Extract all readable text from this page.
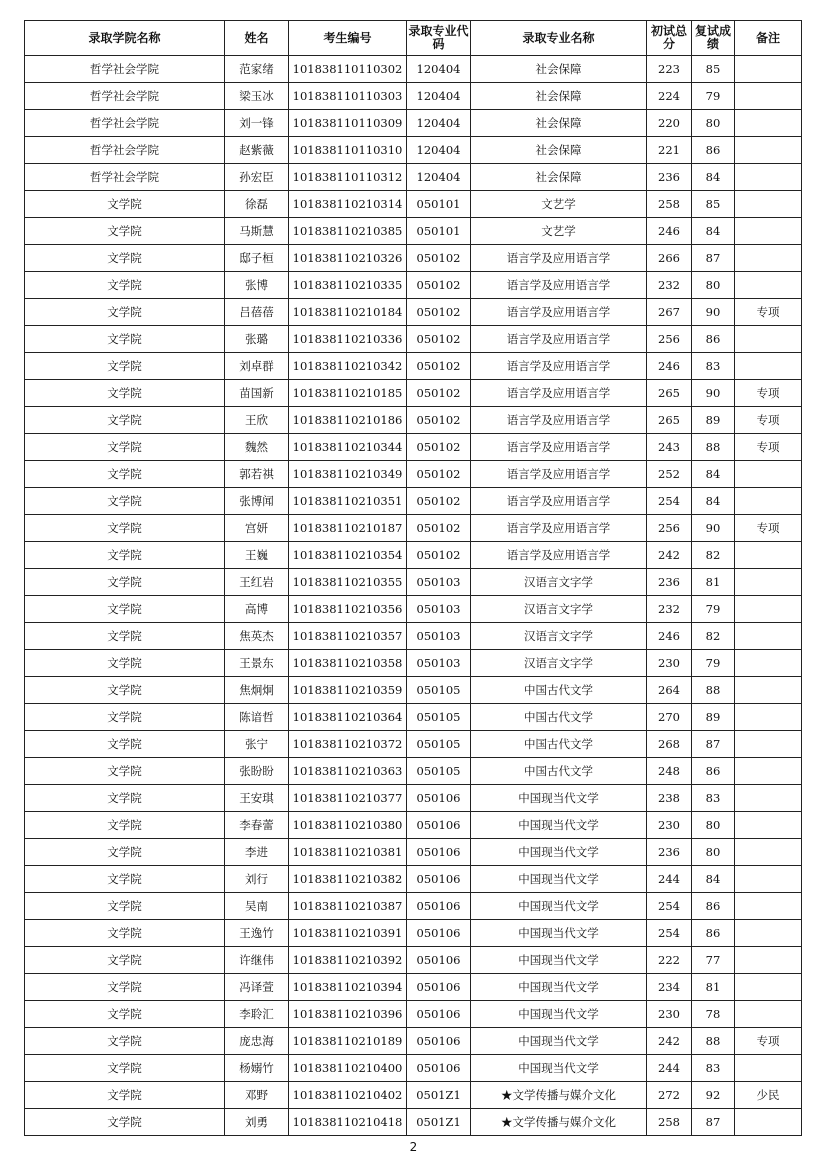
录取学院名称	姓名	考生编号	录取专业代码	录取专业名称	初试总分	复试成绩	备注
哲学社会学院	范家绪	101838110110302	120404	社会保障	223	85	
哲学社会学院	梁玉冰	101838110110303	120404	社会保障	224	79	
哲学社会学院	刘一锋	101838110110309	120404	社会保障	220	80	
哲学社会学院	赵紫薇	101838110110310	120404	社会保障	221	86	
哲学社会学院	孙宏臣	101838110110312	120404	社会保障	236	84	
文学院	徐磊	101838110210314	050101	文艺学	258	85	
文学院	马斯慧	101838110210385	050101	文艺学	246	84	
文学院	邸子桓	101838110210326	050102	语言学及应用语言学	266	87	
文学院	张博	101838110210335	050102	语言学及应用语言学	232	80	
文学院	吕蓓蓓	101838110210184	050102	语言学及应用语言学	267	90	专项
文学院	张璐	101838110210336	050102	语言学及应用语言学	256	86	
文学院	刘卓群	101838110210342	050102	语言学及应用语言学	246	83	
文学院	苗国新	101838110210185	050102	语言学及应用语言学	265	90	专项
文学院	王欣	101838110210186	050102	语言学及应用语言学	265	89	专项
文学院	魏然	101838110210344	050102	语言学及应用语言学	243	88	专项
文学院	郭若祺	101838110210349	050102	语言学及应用语言学	252	84	
文学院	张博闻	101838110210351	050102	语言学及应用语言学	254	84	
文学院	宫妍	101838110210187	050102	语言学及应用语言学	256	90	专项
文学院	王巍	101838110210354	050102	语言学及应用语言学	242	82	
文学院	王红岩	101838110210355	050103	汉语言文字学	236	81	
文学院	高博	101838110210356	050103	汉语言文字学	232	79	
文学院	焦英杰	101838110210357	050103	汉语言文字学	246	82	
文学院	王景东	101838110210358	050103	汉语言文字学	230	79	
文学院	焦炯炯	101838110210359	050105	中国古代文学	264	88	
文学院	陈谙哲	101838110210364	050105	中国古代文学	270	89	
文学院	张宁	101838110210372	050105	中国古代文学	268	87	
文学院	张盼盼	101838110210363	050105	中国古代文学	248	86	
文学院	王安琪	101838110210377	050106	中国现当代文学	238	83	
文学院	李春蕾	101838110210380	050106	中国现当代文学	230	80	
文学院	李进	101838110210381	050106	中国现当代文学	236	80	
文学院	刘行	101838110210382	050106	中国现当代文学	244	84	
文学院	吴南	101838110210387	050106	中国现当代文学	254	86	
文学院	王逸竹	101838110210391	050106	中国现当代文学	254	86	
文学院	许继伟	101838110210392	050106	中国现当代文学	222	77	
文学院	冯译萱	101838110210394	050106	中国现当代文学	234	81	
文学院	李聆汇	101838110210396	050106	中国现当代文学	230	78	
文学院	庞忠海	101838110210189	050106	中国现当代文学	242	88	专项
文学院	杨嫋竹	101838110210400	050106	中国现当代文学	244	83	
文学院	邓野	101838110210402	0501Z1	★文学传播与媒介文化	272	92	少民
文学院	刘勇	101838110210418	0501Z1	★文学传播与媒介文化	258	87	
2
